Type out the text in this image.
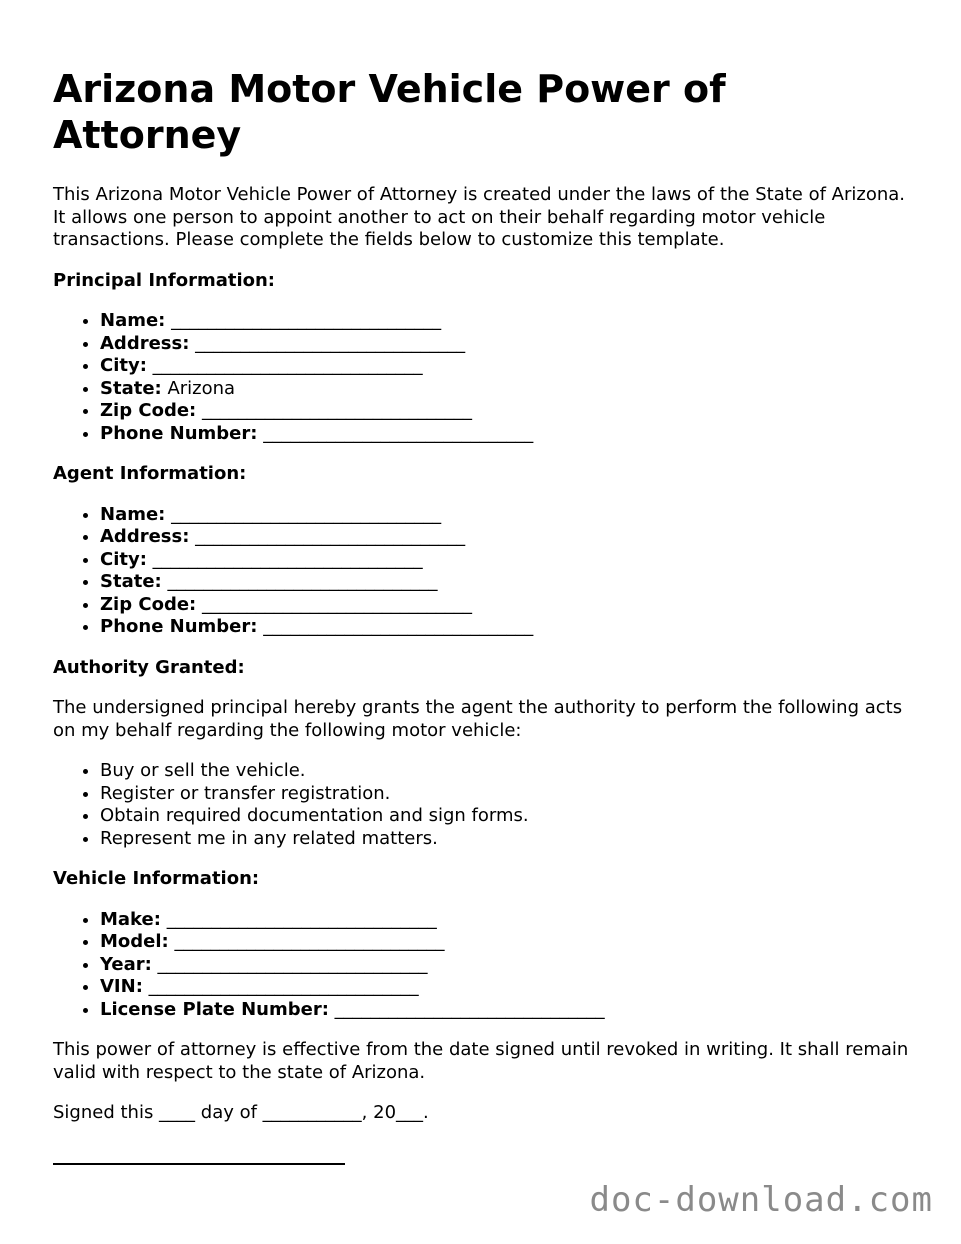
Arizona Motor Vehicle Power of Attorney

This Arizona Motor Vehicle Power of Attorney is created under the laws of the State of Arizona. It allows one person to appoint another to act on their behalf regarding motor vehicle transactions. Please complete the fields below to customize this template.

Principal Information:
• Name: ______________________________
• Address: ______________________________
• City: ______________________________
• State: Arizona
• Zip Code: ______________________________
• Phone Number: ______________________________
Agent Information:
• Name: ______________________________
• Address: ______________________________
• City: ______________________________
• State: ______________________________
• Zip Code: ______________________________
• Phone Number: ______________________________
Authority Granted:

The undersigned principal hereby grants the agent the authority to perform the following acts on my behalf regarding the following motor vehicle:

• Buy or sell the vehicle.
• Register or transfer registration.
• Obtain required documentation and sign forms.
• Represent me in any related matters.
Vehicle Information:
• Make: ______________________________
• Model: ______________________________
• Year: ______________________________
• VIN: ______________________________
• License Plate Number: ______________________________

This power of attorney is effective from the date signed until revoked in writing. It shall remain valid with respect to the state of Arizona.

Signed this ____ day of ___________, 20___.

doc-download.com
